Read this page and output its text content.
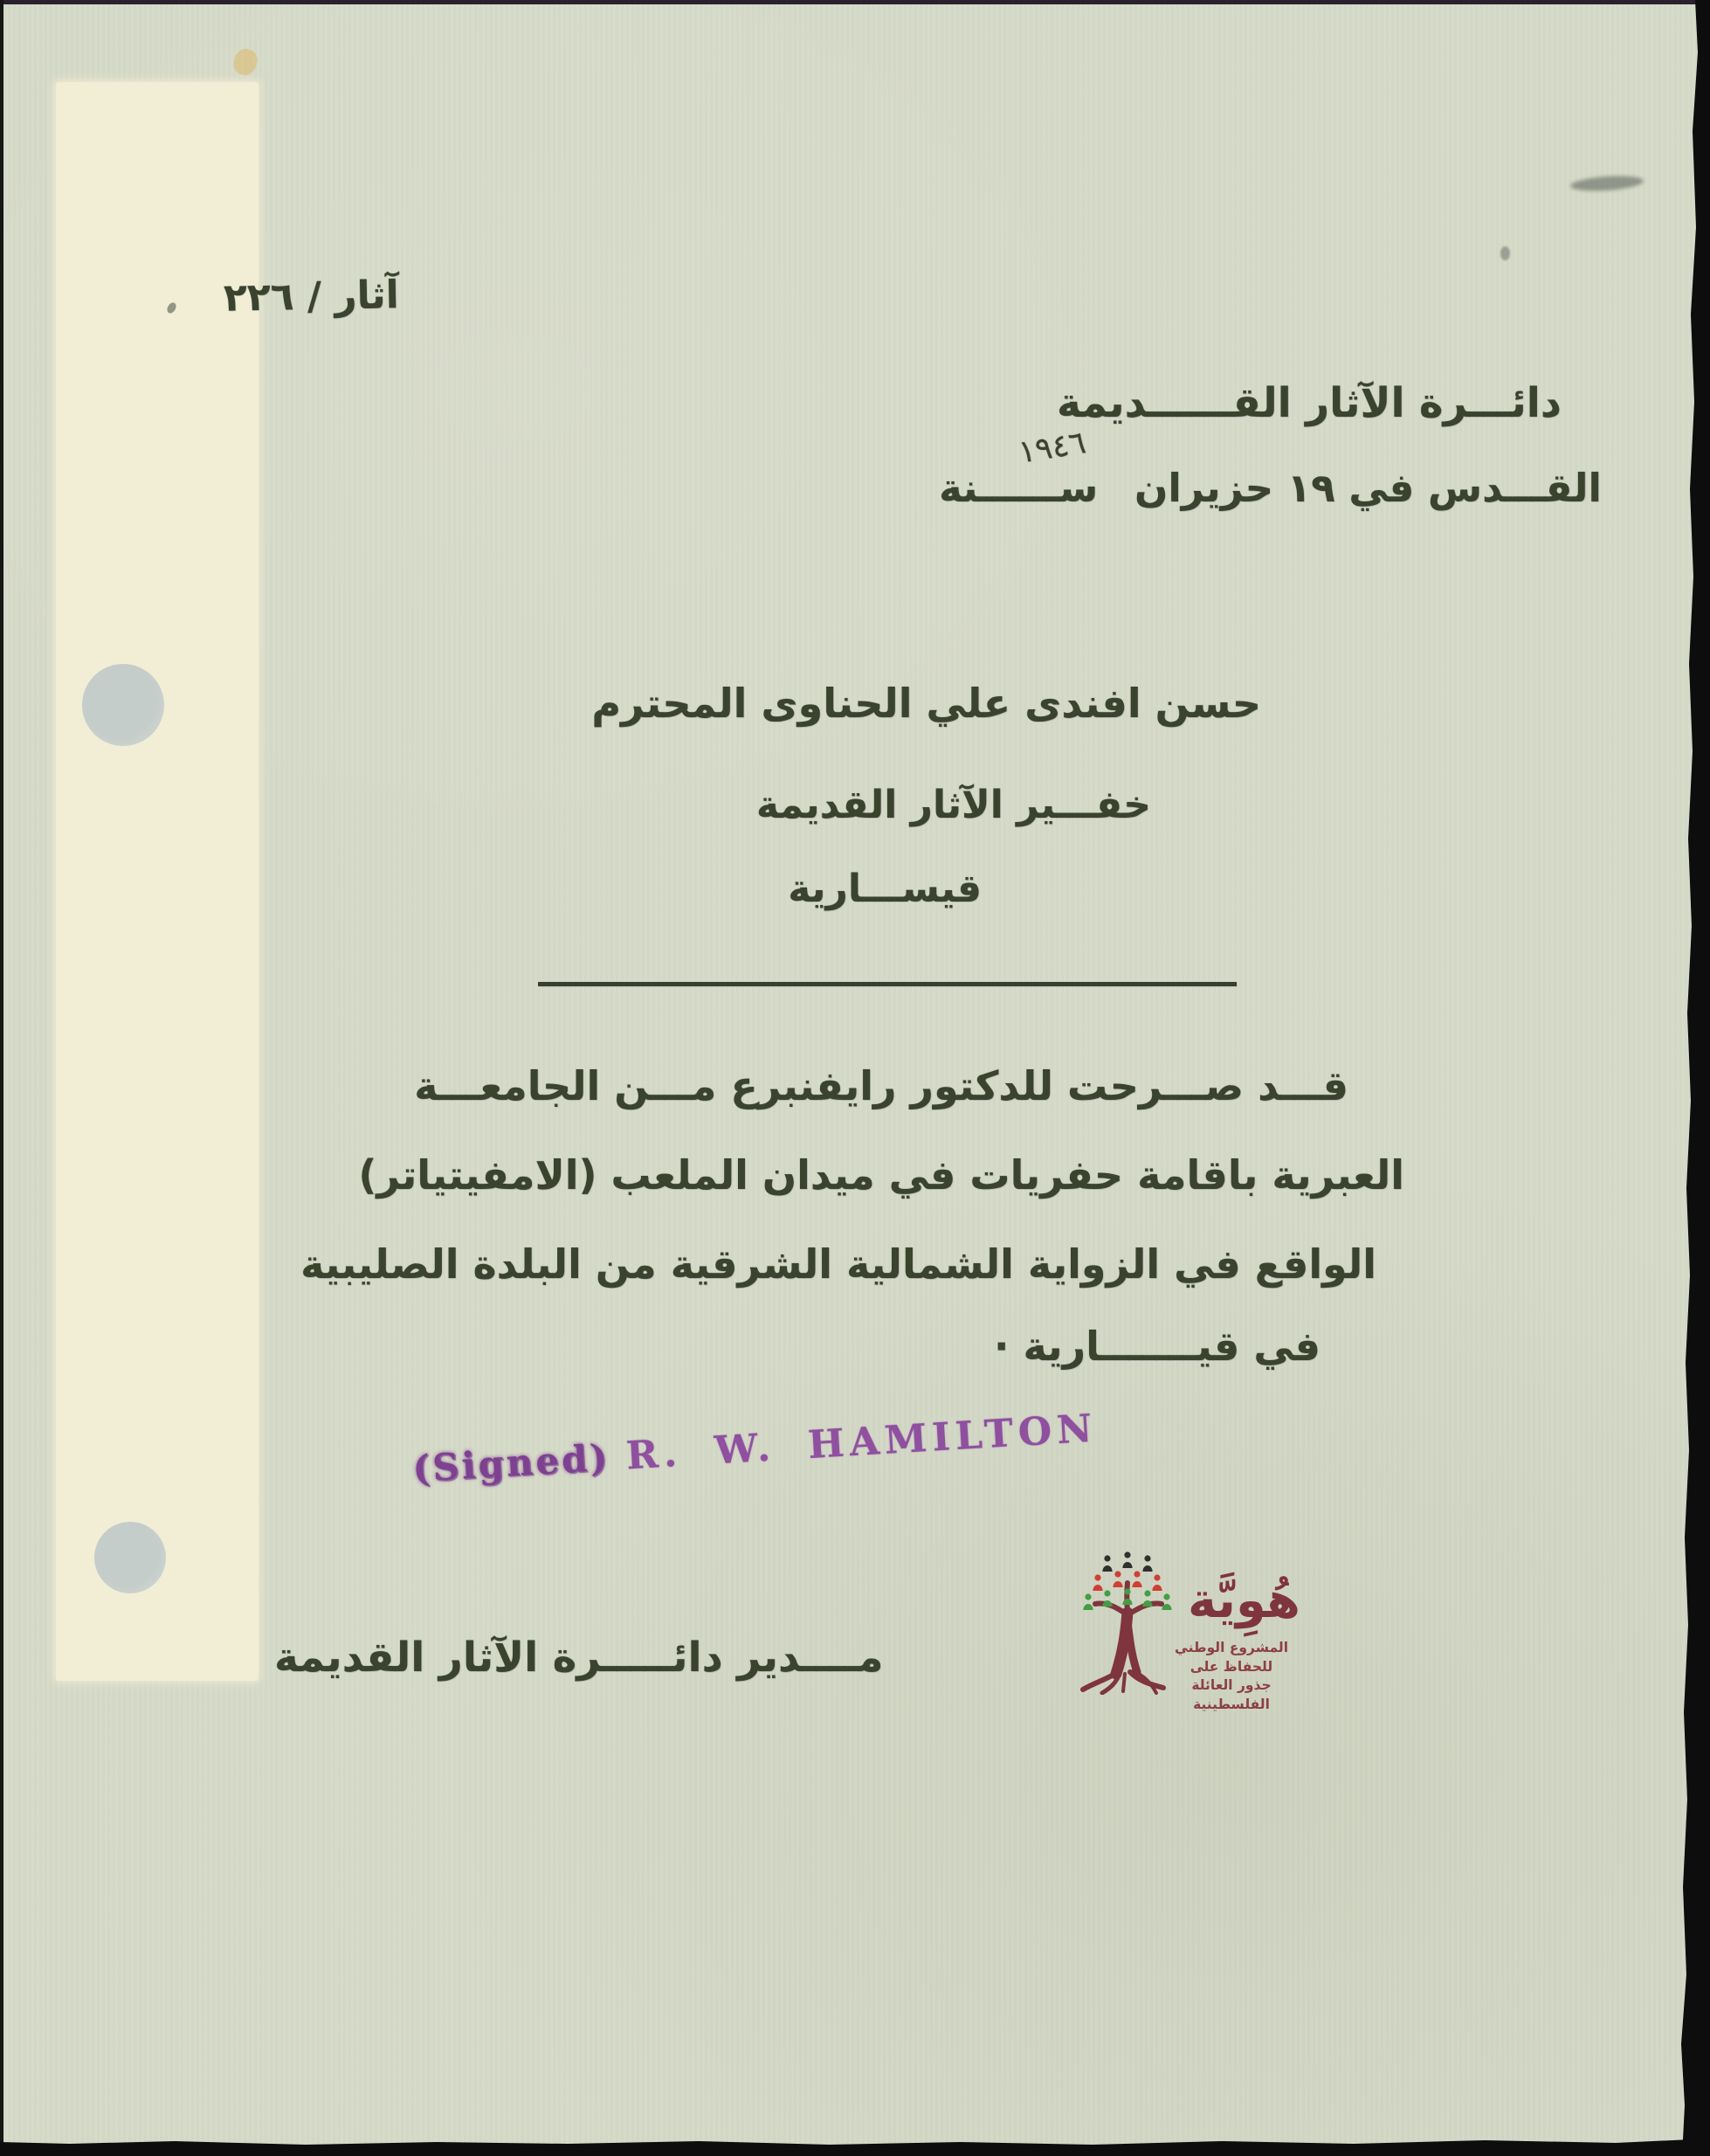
آثار / ٢٢٦
دائـــرة الآثار القــــــديمة
القـــدس في ١٩ حزيران
١٩٤٦
ســــــنة
حسن افندى علي الحناوى المحترم
خفـــير الآثار القديمة
قيســـارية
قـــد صـــرحت للدكتور رايفنبرع مـــن الجامعـــة
العبرية باقامة حفريات في ميدان الملعب (الامفيتياتر)
الواقع في الزواية الشمالية الشرقية من البلدة الصليبية
في قيـــــــارية ·
(Signed) R. W. HAMILTON
مــــدير دائـــــرة الآثار القديمة
هُوِيَّة
المشروع الوطني للحفاظ على
جذور العائلة الفلسطينية
